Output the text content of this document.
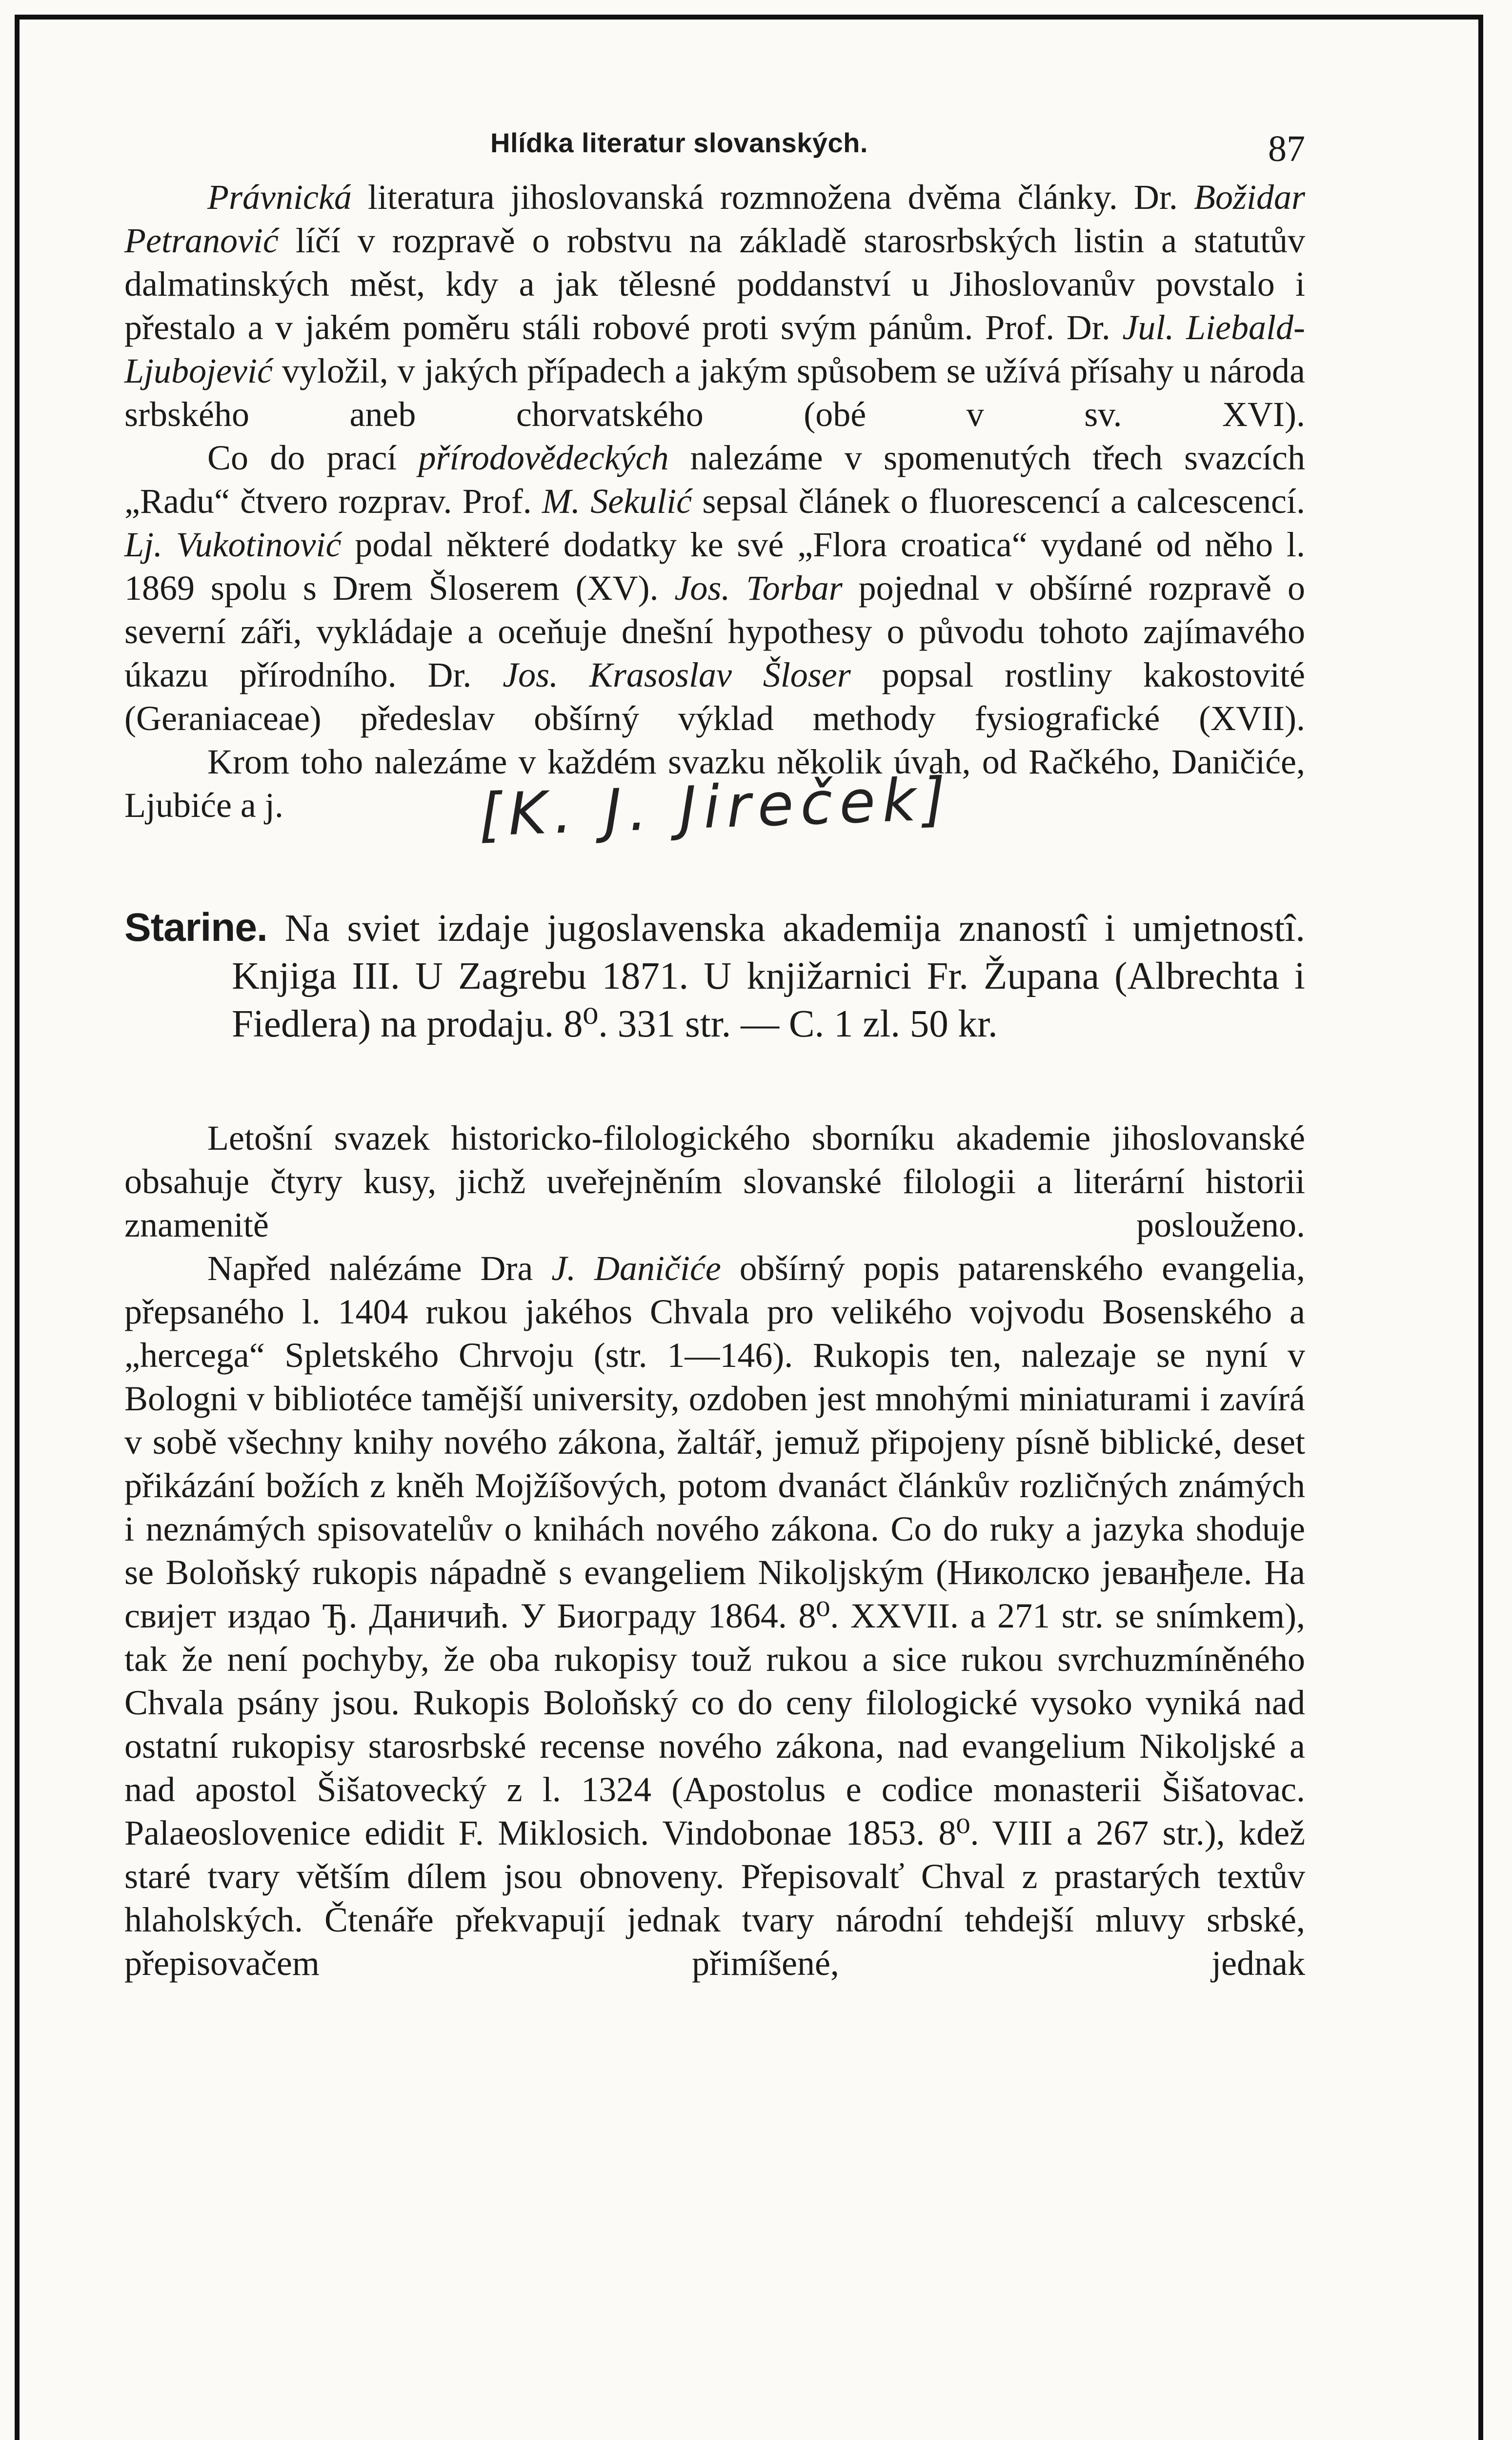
Hlídka literatur slovanských.	87

Právnická literatura jihoslovanská rozmnožena dvěma články. Dr. Božidar Petranović líčí v rozpravě o robstvu na základě starosrbských listin a statutův dalmatinských měst, kdy a jak tělesné poddanství u Jihoslovanův povstalo i přestalo a v jakém poměru stáli robové proti svým pánům. Prof. Dr. Jul. Liebald-Ljubojević vyložil, v jakých případech a jakým spůsobem se užívá přísahy u národa srbského aneb chorvatského (obé v sv. XVI).

Co do prací přírodovědeckých nalezáme v spomenutých třech svazcích „Radu“ čtvero rozprav. Prof. M. Sekulić sepsal článek o fluorescencí a calcescencí. Lj. Vukotinović podal některé dodatky ke své „Flora croatica“ vydané od něho l. 1869 spolu s Drem Šloserem (XV). Jos. Torbar pojednal v obšírné rozpravě o severní záři, vykládaje a oceňuje dnešní hypothesy o původu tohoto zajímavého úkazu přírodního. Dr. Jos. Krasoslav Šloser popsal rostliny kakostovité (Geraniaceae) předeslav obšírný výklad methody fysiografické (XVII).

Krom toho nalezáme v každém svazku několik úvah, od Račkého, Daničiće, Ljubiće a j.	[K. J. Jireček]

Starine. Na sviet izdaje jugoslavenska akademija znanostî i umjetnostî. Knjiga III. U Zagrebu 1871. U knjižarnici Fr. Župana (Albrechta i Fiedlera) na prodaju. 8⁰. 331 str. — C. 1 zl. 50 kr.

Letošní svazek historicko-filologického sborníku akademie jihoslovanské obsahuje čtyry kusy, jichž uveřejněním slovanské filologii a literární historii znamenitě poslouženo.

Napřed nalézáme Dra J. Daničiće obšírný popis patarenského evangelia, přepsaného l. 1404 rukou jakéhos Chvala pro velikého vojvodu Bosenského a „hercega“ Spletského Chrvoju (str. 1—146). Rukopis ten, nalezaje se nyní v Bologni v bibliotéce tamější university, ozdoben jest mnohými miniaturami i zavírá v sobě všechny knihy nového zákona, žaltář, jemuž připojeny písně biblické, deset přikázání božích z kněh Mojžíšových, potom dvanáct článkův rozličných známých i neznámých spisovatelův o knihách nového zákona. Co do ruky a jazyka shoduje se Boloňský rukopis nápadně s evangeliem Nikoljským (Николско јеванђеле. На свијет издао Ђ. Даничић. У Биограду 1864. 8⁰. XXVII. a 271 str. se snímkem), tak že není pochyby, že oba rukopisy touž rukou a sice rukou svrchuzmíněného Chvala psány jsou. Rukopis Boloňský co do ceny filologické vysoko vyniká nad ostatní rukopisy starosrbské recense nového zákona, nad evangelium Nikoljské a nad apostol Šišatovecký z l. 1324 (Apostolus e codice monasterii Šišatovac. Palaeoslovenice edidit F. Miklosich. Vindobonae 1853. 8⁰. VIII a 267 str.), kdež staré tvary větším dílem jsou obnoveny. Přepisovalť Chval z prastarých textův hlaholských. Čtenáře překvapují jednak tvary národní tehdejší mluvy srbské, přepisovačem přimíšené, jednak
